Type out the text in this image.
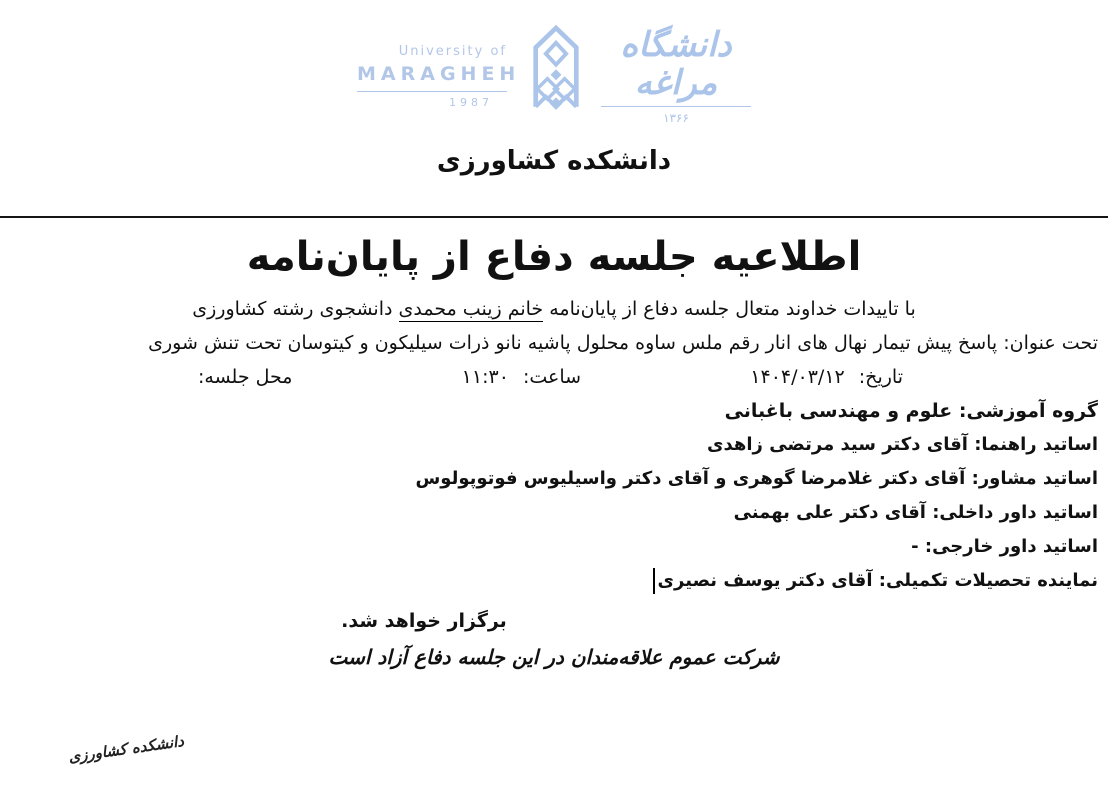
University of
MARAGHEH
1987
دانشگاه مراغه
۱۳۶۶
دانشکده کشاورزی
اطلاعیه جلسه دفاع از پایان‌نامه
با تاییدات خداوند متعال جلسه دفاع از پایان‌نامه خانم زینب محمدی دانشجوی رشته کشاورزی
تحت عنوان: پاسخ پیش تیمار نهال های انار رقم ملس ساوه محلول پاشیه نانو ذرات سیلیکون و کیتوسان تحت تنش شوری
تاریخ: ۱۴۰۴/۰۳/۱۲
ساعت: ۱۱:۳۰
محل جلسه:
گروه آموزشی: علوم و مهندسی باغبانی
اساتید راهنما: آقای دکتر سید مرتضی زاهدی
اساتید مشاور: آقای دکتر غلامرضا گوهری و آقای دکتر واسیلیوس فوتوپولوس
اساتید داور داخلی: آقای دکتر علی بهمنی
اساتید داور خارجی: -
نماینده تحصیلات تکمیلی: آقای دکتر یوسف نصیری
برگزار خواهد شد.
شرکت عموم علاقه‌مندان در این جلسه دفاع آزاد است
دانشکده کشاورزی
